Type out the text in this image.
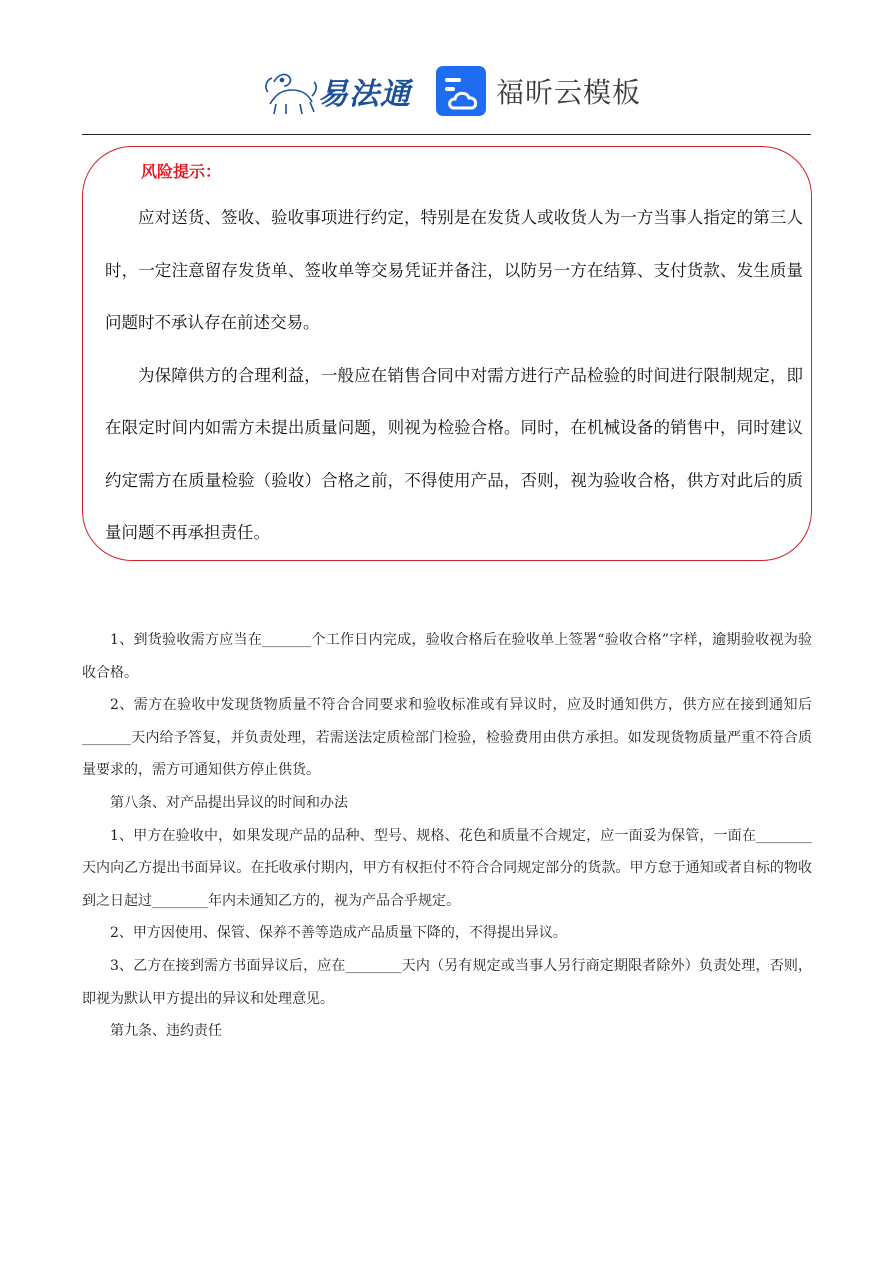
易法通	福昕云模板
风险提示：

应对送货、签收、验收事项进行约定，特别是在发货人或收货人为一方当事人指定的第三人时，一定注意留存发货单、签收单等交易凭证并备注，以防另一方在结算、支付货款、发生质量问题时不承认存在前述交易。

为保障供方的合理利益，一般应在销售合同中对需方进行产品检验的时间进行限制规定，即在限定时间内如需方未提出质量问题，则视为检验合格。同时，在机械设备的销售中，同时建议约定需方在质量检验（验收）合格之前，不得使用产品，否则，视为验收合格，供方对此后的质量问题不再承担责任。

1、到货验收需方应当在_______个工作日内完成，验收合格后在验收单上签署“验收合格”字样，逾期验收视为验收合格。

2、需方在验收中发现货物质量不符合合同要求和验收标准或有异议时，应及时通知供方，供方应在接到通知后_______天内给予答复，并负责处理，若需送法定质检部门检验，检验费用由供方承担。如发现货物质量严重不符合质量要求的，需方可通知供方停止供货。

第八条、对产品提出异议的时间和办法

1、甲方在验收中，如果发现产品的品种、型号、规格、花色和质量不合规定，应一面妥为保管，一面在________天内向乙方提出书面异议。在托收承付期内，甲方有权拒付不符合合同规定部分的货款。甲方怠于通知或者自标的物收到之日起过________年内未通知乙方的，视为产品合乎规定。

2、甲方因使用、保管、保养不善等造成产品质量下降的，不得提出异议。

3、乙方在接到需方书面异议后，应在________天内（另有规定或当事人另行商定期限者除外）负责处理，否则，即视为默认甲方提出的异议和处理意见。

第九条、违约责任
